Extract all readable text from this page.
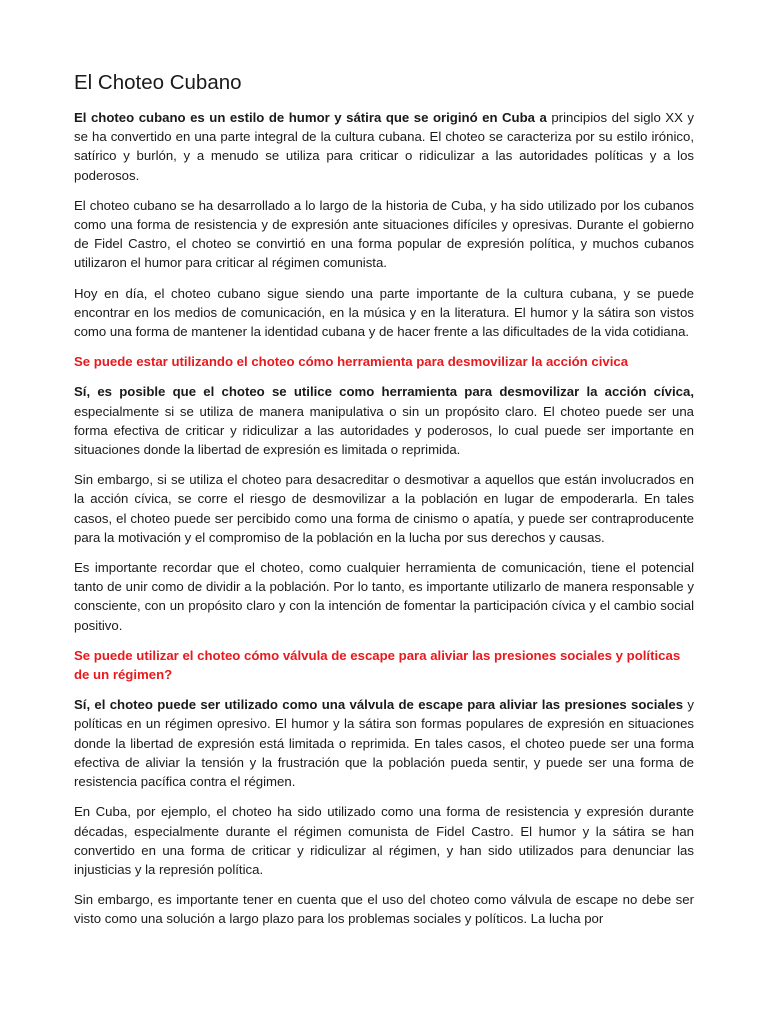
El Choteo Cubano

El choteo cubano es un estilo de humor y sátira que se originó en Cuba a principios del siglo XX y se ha convertido en una parte integral de la cultura cubana. El choteo se caracteriza por su estilo irónico, satírico y burlón, y a menudo se utiliza para criticar o ridiculizar a las autoridades políticas y a los poderosos.

El choteo cubano se ha desarrollado a lo largo de la historia de Cuba, y ha sido utilizado por los cubanos como una forma de resistencia y de expresión ante situaciones difíciles y opresivas. Durante el gobierno de Fidel Castro, el choteo se convirtió en una forma popular de expresión política, y muchos cubanos utilizaron el humor para criticar al régimen comunista.

Hoy en día, el choteo cubano sigue siendo una parte importante de la cultura cubana, y se puede encontrar en los medios de comunicación, en la música y en la literatura. El humor y la sátira son vistos como una forma de mantener la identidad cubana y de hacer frente a las dificultades de la vida cotidiana.

Se puede estar utilizando el choteo cómo herramienta para desmovilizar la acción civica

Sí, es posible que el choteo se utilice como herramienta para desmovilizar la acción cívica, especialmente si se utiliza de manera manipulativa o sin un propósito claro. El choteo puede ser una forma efectiva de criticar y ridiculizar a las autoridades y poderosos, lo cual puede ser importante en situaciones donde la libertad de expresión es limitada o reprimida.

Sin embargo, si se utiliza el choteo para desacreditar o desmotivar a aquellos que están involucrados en la acción cívica, se corre el riesgo de desmovilizar a la población en lugar de empoderarla. En tales casos, el choteo puede ser percibido como una forma de cinismo o apatía, y puede ser contraproducente para la motivación y el compromiso de la población en la lucha por sus derechos y causas.

Es importante recordar que el choteo, como cualquier herramienta de comunicación, tiene el potencial tanto de unir como de dividir a la población. Por lo tanto, es importante utilizarlo de manera responsable y consciente, con un propósito claro y con la intención de fomentar la participación cívica y el cambio social positivo.

Se puede utilizar el choteo cómo válvula de escape para aliviar las presiones sociales y políticas de un régimen?

Sí, el choteo puede ser utilizado como una válvula de escape para aliviar las presiones sociales y políticas en un régimen opresivo. El humor y la sátira son formas populares de expresión en situaciones donde la libertad de expresión está limitada o reprimida. En tales casos, el choteo puede ser una forma efectiva de aliviar la tensión y la frustración que la población pueda sentir, y puede ser una forma de resistencia pacífica contra el régimen.

En Cuba, por ejemplo, el choteo ha sido utilizado como una forma de resistencia y expresión durante décadas, especialmente durante el régimen comunista de Fidel Castro. El humor y la sátira se han convertido en una forma de criticar y ridiculizar al régimen, y han sido utilizados para denunciar las injusticias y la represión política.

Sin embargo, es importante tener en cuenta que el uso del choteo como válvula de escape no debe ser visto como una solución a largo plazo para los problemas sociales y políticos. La lucha por
